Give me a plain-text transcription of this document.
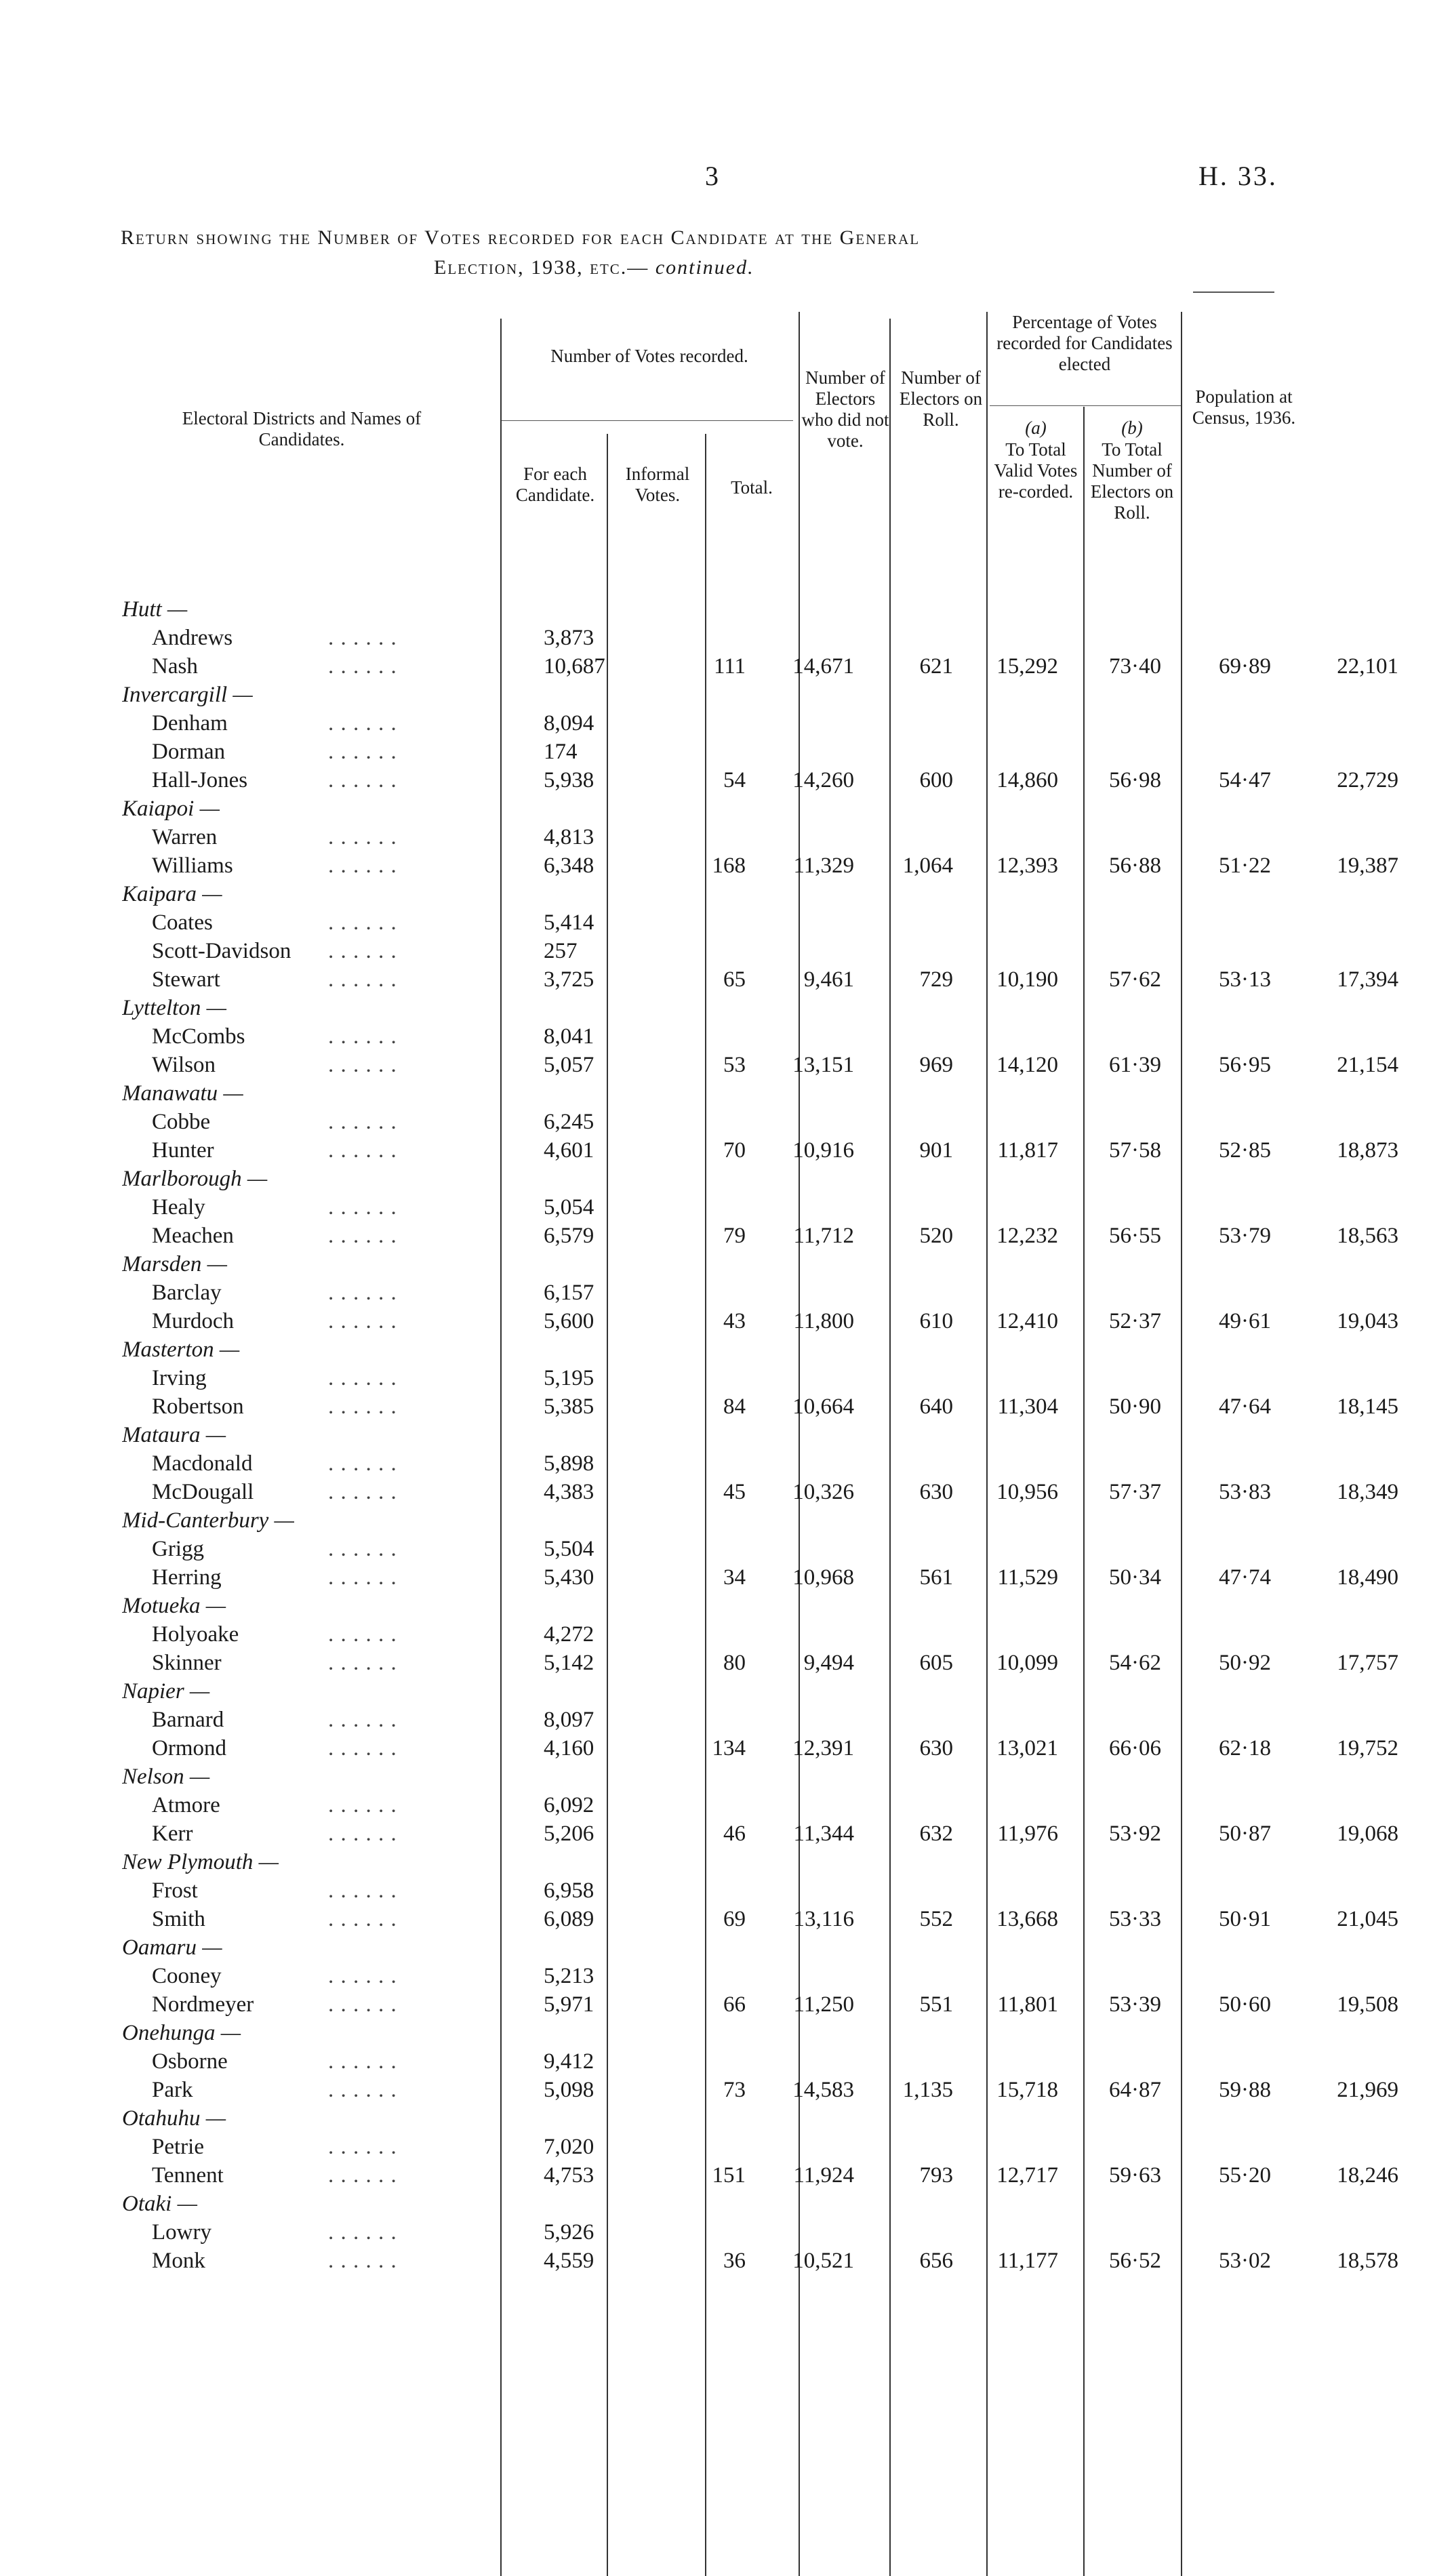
3	H. 33.
Return showing the Number of Votes recorded for each Candidate at the General
Election, 1938, etc.— continued.
Electoral Districts and Names of Candidates.
Number of Votes recorded.
For each Candidate.
Informal Votes.	Total.
Number of Electors who did not vote.
Number of Electors on Roll.
Percentage of Votes recorded for Candidates elected
(a)
To Total Valid Votes re-corded.
(b)
To Total Number of Electors on Roll.
Population at Census, 1936.
Hutt —								
Andrews . . . . . .	3,873							
Nash . . . . . .	10,687	111	14,671	621	15,292	73·40	69·89	22,101
Invercargill —								
Denham . . . . . .	8,094							
Dorman . . . . . .	174							
Hall-Jones . . . . . .	5,938	54	14,260	600	14,860	56·98	54·47	22,729
Kaiapoi —								
Warren . . . . . .	4,813							
Williams . . . . . .	6,348	168	11,329	1,064	12,393	56·88	51·22	19,387
Kaipara —								
Coates . . . . . .	5,414							
Scott-Davidson . . . . . .	257							
Stewart . . . . . .	3,725	65	9,461	729	10,190	57·62	53·13	17,394
Lyttelton —								
McCombs . . . . . .	8,041							
Wilson . . . . . .	5,057	53	13,151	969	14,120	61·39	56·95	21,154
Manawatu —								
Cobbe . . . . . .	6,245							
Hunter . . . . . .	4,601	70	10,916	901	11,817	57·58	52·85	18,873
Marlborough —								
Healy . . . . . .	5,054							
Meachen . . . . . .	6,579	79	11,712	520	12,232	56·55	53·79	18,563
Marsden —								
Barclay . . . . . .	6,157							
Murdoch . . . . . .	5,600	43	11,800	610	12,410	52·37	49·61	19,043
Masterton —								
Irving . . . . . .	5,195							
Robertson . . . . . .	5,385	84	10,664	640	11,304	50·90	47·64	18,145
Mataura —								
Macdonald . . . . . .	5,898							
McDougall . . . . . .	4,383	45	10,326	630	10,956	57·37	53·83	18,349
Mid-Canterbury —								
Grigg . . . . . .	5,504							
Herring . . . . . .	5,430	34	10,968	561	11,529	50·34	47·74	18,490
Motueka —								
Holyoake . . . . . .	4,272							
Skinner . . . . . .	5,142	80	9,494	605	10,099	54·62	50·92	17,757
Napier —								
Barnard . . . . . .	8,097							
Ormond . . . . . .	4,160	134	12,391	630	13,021	66·06	62·18	19,752
Nelson —								
Atmore . . . . . .	6,092							
Kerr . . . . . .	5,206	46	11,344	632	11,976	53·92	50·87	19,068
New Plymouth —								
Frost . . . . . .	6,958							
Smith . . . . . .	6,089	69	13,116	552	13,668	53·33	50·91	21,045
Oamaru —								
Cooney . . . . . .	5,213							
Nordmeyer . . . . . .	5,971	66	11,250	551	11,801	53·39	50·60	19,508
Onehunga —								
Osborne . . . . . .	9,412							
Park . . . . . .	5,098	73	14,583	1,135	15,718	64·87	59·88	21,969
Otahuhu —								
Petrie . . . . . .	7,020							
Tennent . . . . . .	4,753	151	11,924	793	12,717	59·63	55·20	18,246
Otaki —								
Lowry . . . . . .	5,926							
Monk . . . . . .	4,559	36	10,521	656	11,177	56·52	53·02	18,578
